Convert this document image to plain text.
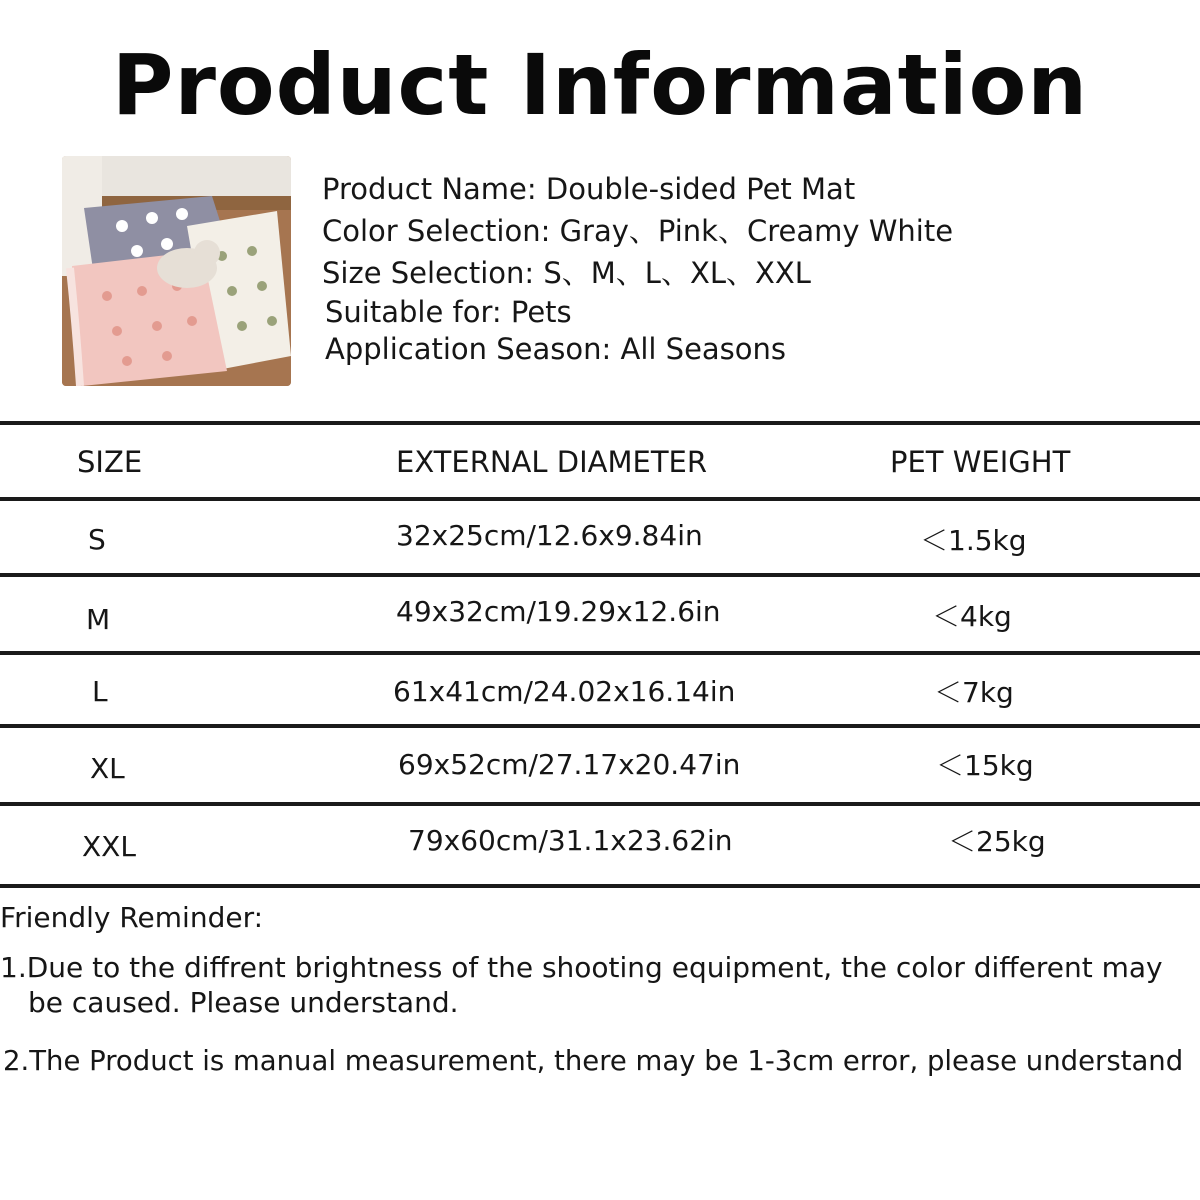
Product Information
Product Name: Double-sided Pet Mat
Color Selection: Gray、Pink、Creamy White
Size Selection: S、M、L、XL、XXL
Suitable for: Pets
Application Season: All Seasons
SIZE	EXTERNAL DIAMETER	PET WEIGHT
S	32x25cm/12.6x9.84in	＜1.5kg
M	49x32cm/19.29x12.6in	＜4kg
L	61x41cm/24.02x16.14in	＜7kg
XL	69x52cm/27.17x20.47in	＜15kg
XXL	79x60cm/31.1x23.62in	＜25kg
Friendly Reminder:
1.Due to the diffrent brightness of the shooting equipment, the color different may
be caused. Please understand.
2.The Product is manual measurement, there may be 1-3cm error, please understand
